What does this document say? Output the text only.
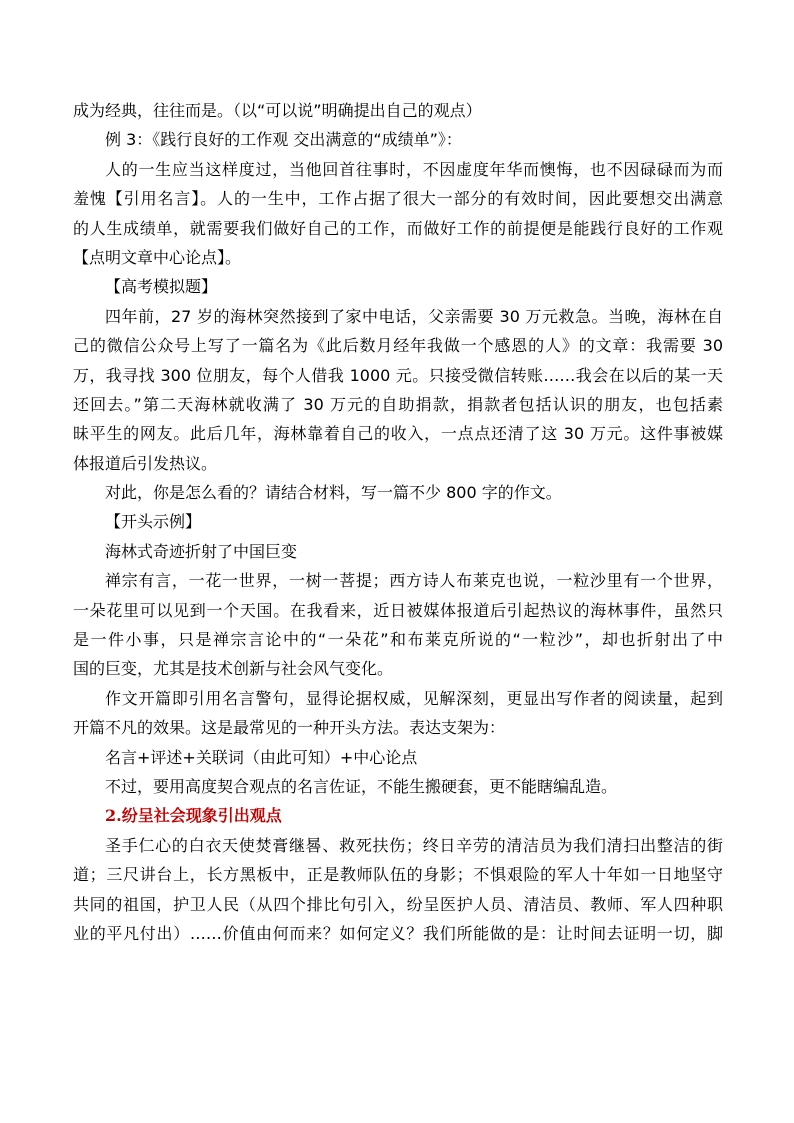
成为经典，往往而是。（以“可以说”明确提出自己的观点）
例 3：《践行良好的工作观 交出满意的“成绩单”》：
人的一生应当这样度过，当他回首往事时，不因虚度年华而懊悔，也不因碌碌而为而
羞愧【引用名言】。人的一生中，工作占据了很大一部分的有效时间，因此要想交出满意
的人生成绩单，就需要我们做好自己的工作，而做好工作的前提便是能践行良好的工作观
【点明文章中心论点】。
【高考模拟题】
四年前，27 岁的海林突然接到了家中电话，父亲需要 30 万元救急。当晚，海林在自
己的微信公众号上写了一篇名为《此后数月经年我做一个感恩的人》的文章：我需要 30
万，我寻找 300 位朋友，每个人借我 1000 元。只接受微信转账……我会在以后的某一天
还回去。”第二天海林就收满了 30 万元的自助捐款，捐款者包括认识的朋友，也包括素
昧平生的网友。此后几年，海林靠着自己的收入，一点点还清了这 30 万元。这件事被媒
体报道后引发热议。
对此，你是怎么看的？请结合材料，写一篇不少 800 字的作文。
【开头示例】
海林式奇迹折射了中国巨变
禅宗有言，一花一世界，一树一菩提；西方诗人布莱克也说，一粒沙里有一个世界，
一朵花里可以见到一个天国。在我看来，近日被媒体报道后引起热议的海林事件，虽然只
是一件小事，只是禅宗言论中的“一朵花”和布莱克所说的“一粒沙”，却也折射出了中
国的巨变，尤其是技术创新与社会风气变化。
作文开篇即引用名言警句，显得论据权威，见解深刻，更显出写作者的阅读量，起到
开篇不凡的效果。这是最常见的一种开头方法。表达支架为：
名言+评述+关联词（由此可知）+中心论点
不过，要用高度契合观点的名言佐证，不能生搬硬套，更不能瞎编乱造。
2.纷呈社会现象引出观点
圣手仁心的白衣天使焚膏继晷、救死扶伤；终日辛劳的清洁员为我们清扫出整洁的街
道；三尺讲台上，长方黑板中，正是教师队伍的身影；不惧艰险的军人十年如一日地坚守
共同的祖国，护卫人民（从四个排比句引入，纷呈医护人员、清洁员、教师、军人四种职
业的平凡付出）……价值由何而来？如何定义？我们所能做的是：让时间去证明一切，脚
